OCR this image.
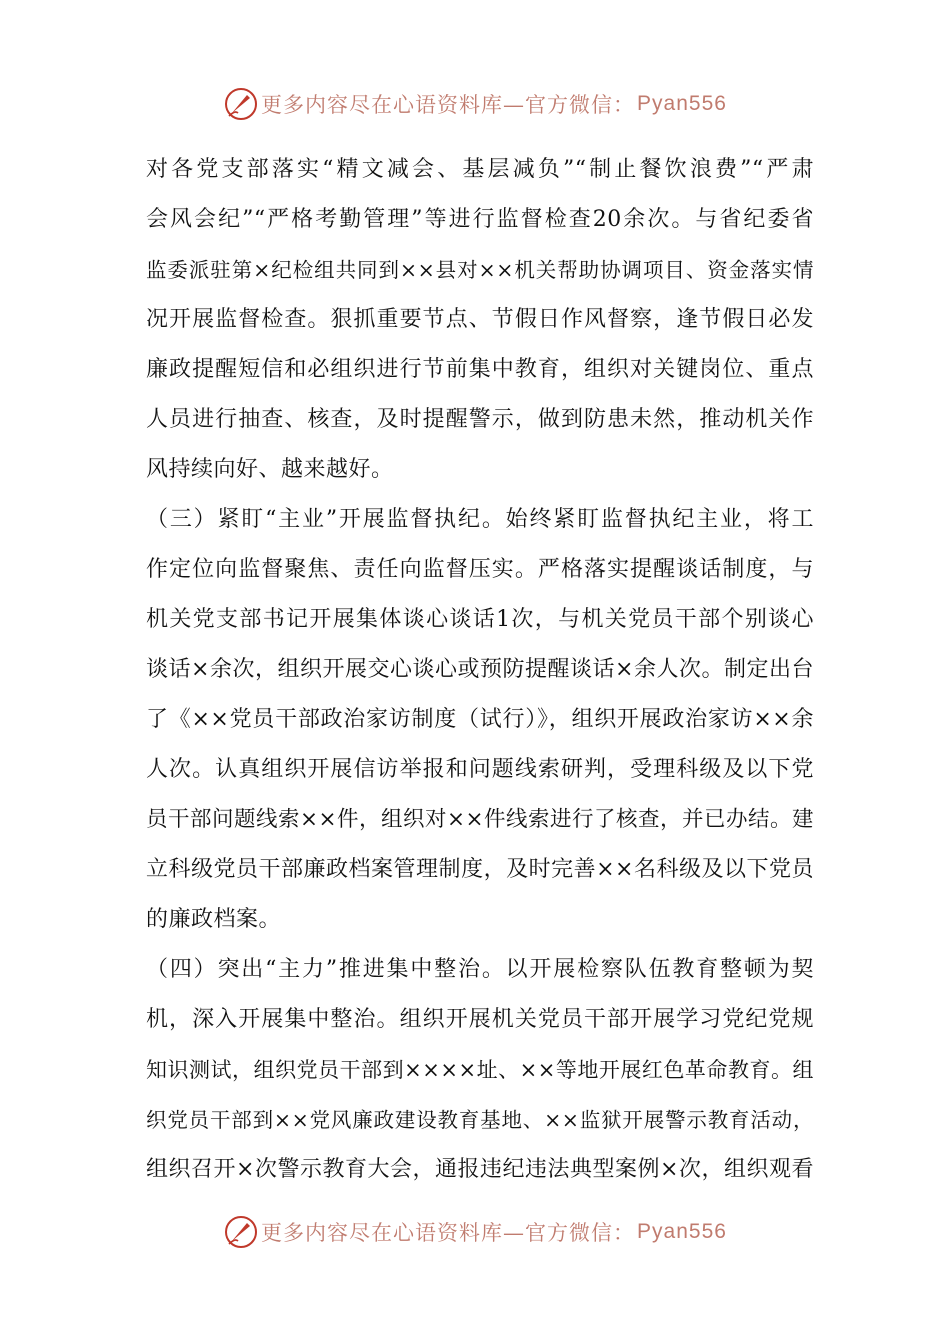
更多内容尽在心语资料库—官方微信： Pyan556
对各党支部落实“精文减会、基层减负”“制止餐饮浪费”“严肃
会风会纪”“严格考勤管理”等进行监督检查20余次。与省纪委省
监委派驻第×纪检组共同到××县对××机关帮助协调项目、资金落实情
况开展监督检查。狠抓重要节点、节假日作风督察，逢节假日必发
廉政提醒短信和必组织进行节前集中教育，组织对关键岗位、重点
人员进行抽查、核查，及时提醒警示，做到防患未然，推动机关作
风持续向好、越来越好。
（三）紧盯“主业”开展监督执纪。始终紧盯监督执纪主业，将工
作定位向监督聚焦、责任向监督压实。严格落实提醒谈话制度，与
机关党支部书记开展集体谈心谈话1次，与机关党员干部个别谈心
谈话×余次，组织开展交心谈心或预防提醒谈话×余人次。制定出台
了《××党员干部政治家访制度（试行）》，组织开展政治家访××余
人次。认真组织开展信访举报和问题线索研判，受理科级及以下党
员干部问题线索××件，组织对××件线索进行了核查，并已办结。建
立科级党员干部廉政档案管理制度，及时完善××名科级及以下党员
的廉政档案。
（四）突出“主力”推进集中整治。以开展检察队伍教育整顿为契
机，深入开展集中整治。组织开展机关党员干部开展学习党纪党规
知识测试，组织党员干部到××××址、××等地开展红色革命教育。组
织党员干部到××党风廉政建设教育基地、××监狱开展警示教育活动，
组织召开×次警示教育大会，通报违纪违法典型案例×次，组织观看
更多内容尽在心语资料库—官方微信： Pyan556
